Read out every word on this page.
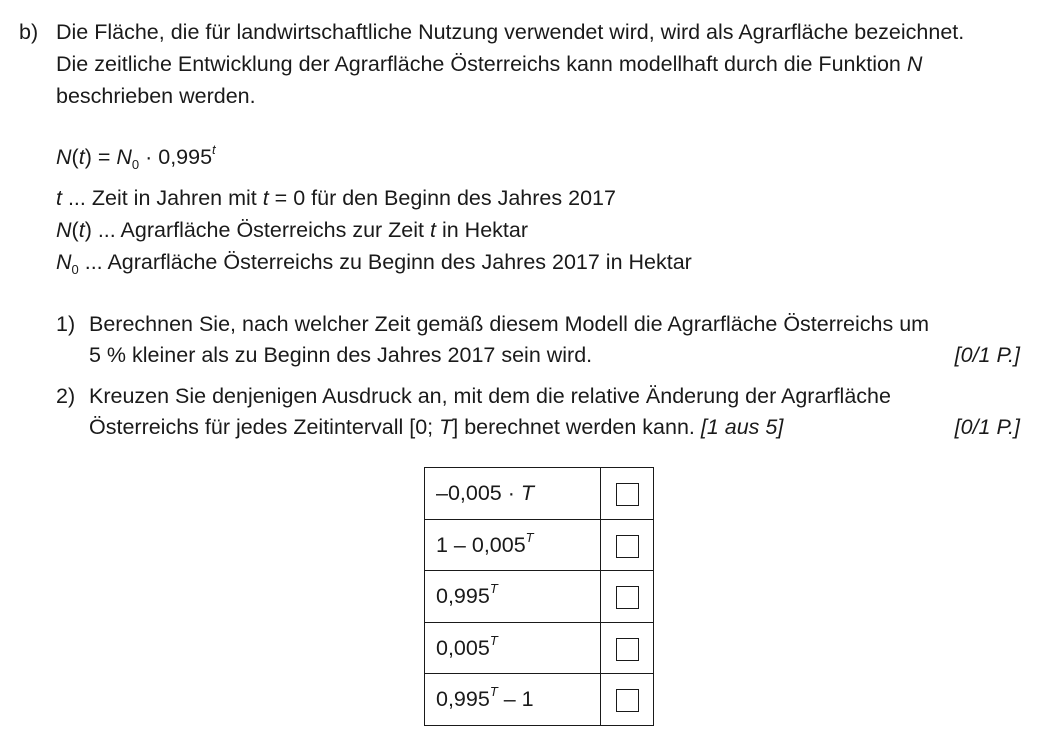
b) Die Fläche, die für landwirtschaftliche Nutzung verwendet wird, wird als Agrarfläche bezeichnet.
Die zeitliche Entwicklung der Agrarfläche Österreichs kann modellhaft durch die Funktion N
beschrieben werden.
$N(t) = N_0 \cdot 0,995^t$
t ... Zeit in Jahren mit t = 0 für den Beginn des Jahres 2017
N(t) ... Agrarfläche Österreichs zur Zeit t in Hektar
$N_0$ ... Agrarfläche Österreichs zu Beginn des Jahres 2017 in Hektar
1) Berechnen Sie, nach welcher Zeit gemäß diesem Modell die Agrarfläche Österreichs um
5 % kleiner als zu Beginn des Jahres 2017 sein wird.	[0/1 P.]
2) Kreuzen Sie denjenigen Ausdruck an, mit dem die relative Änderung der Agrarfläche
Österreichs für jedes Zeitintervall [0; T] berechnet werden kann. [1 aus 5]	[0/1 P.]
–0,005 · T	
$1 - 0,005^T$	
$0,995^T$	
$0,005^T$	
$0,995^T - 1$	
